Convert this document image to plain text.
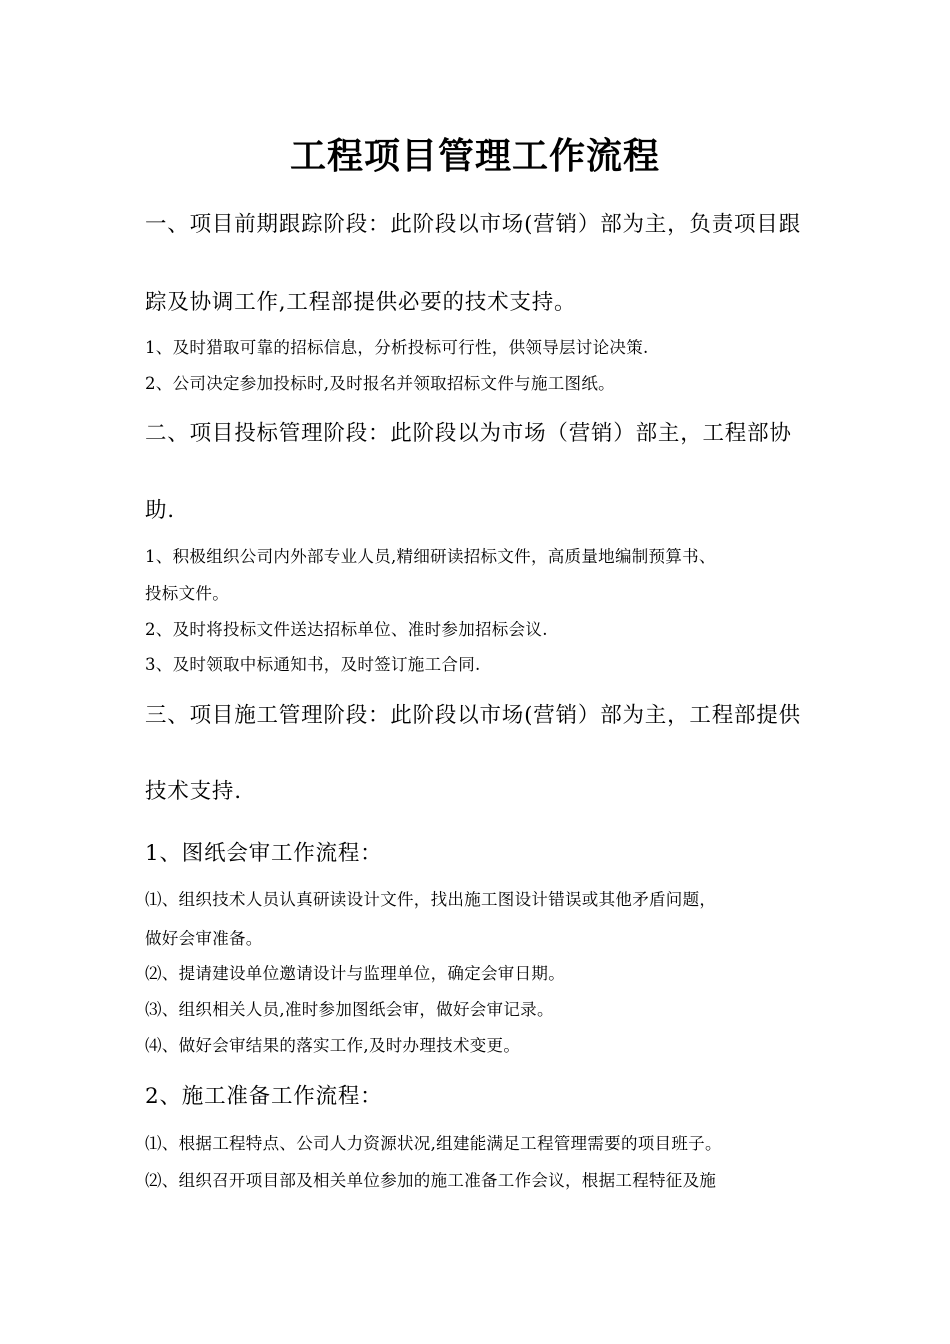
工程项目管理工作流程

一、项目前期跟踪阶段：此阶段以市场(营销）部为主，负责项目跟

踪及协调工作,工程部提供必要的技术支持。

1、及时猎取可靠的招标信息，分析投标可行性，供领导层讨论决策.

2、公司决定参加投标时,及时报名并领取招标文件与施工图纸。

二、项目投标管理阶段：此阶段以为市场（营销）部主，工程部协

助.

1、积极组织公司内外部专业人员,精细研读招标文件，高质量地编制预算书、

投标文件。

2、及时将投标文件送达招标单位、准时参加招标会议.

3、及时领取中标通知书，及时签订施工合同.

三、项目施工管理阶段：此阶段以市场(营销）部为主，工程部提供

技术支持.

1、图纸会审工作流程：

⑴、组织技术人员认真研读设计文件，找出施工图设计错误或其他矛盾问题，

做好会审准备。

⑵、提请建设单位邀请设计与监理单位，确定会审日期。

⑶、组织相关人员,准时参加图纸会审，做好会审记录。

⑷、做好会审结果的落实工作,及时办理技术变更。

2、施工准备工作流程：

⑴、根据工程特点、公司人力资源状况,组建能满足工程管理需要的项目班子。

⑵、组织召开项目部及相关单位参加的施工准备工作会议，根据工程特征及施
